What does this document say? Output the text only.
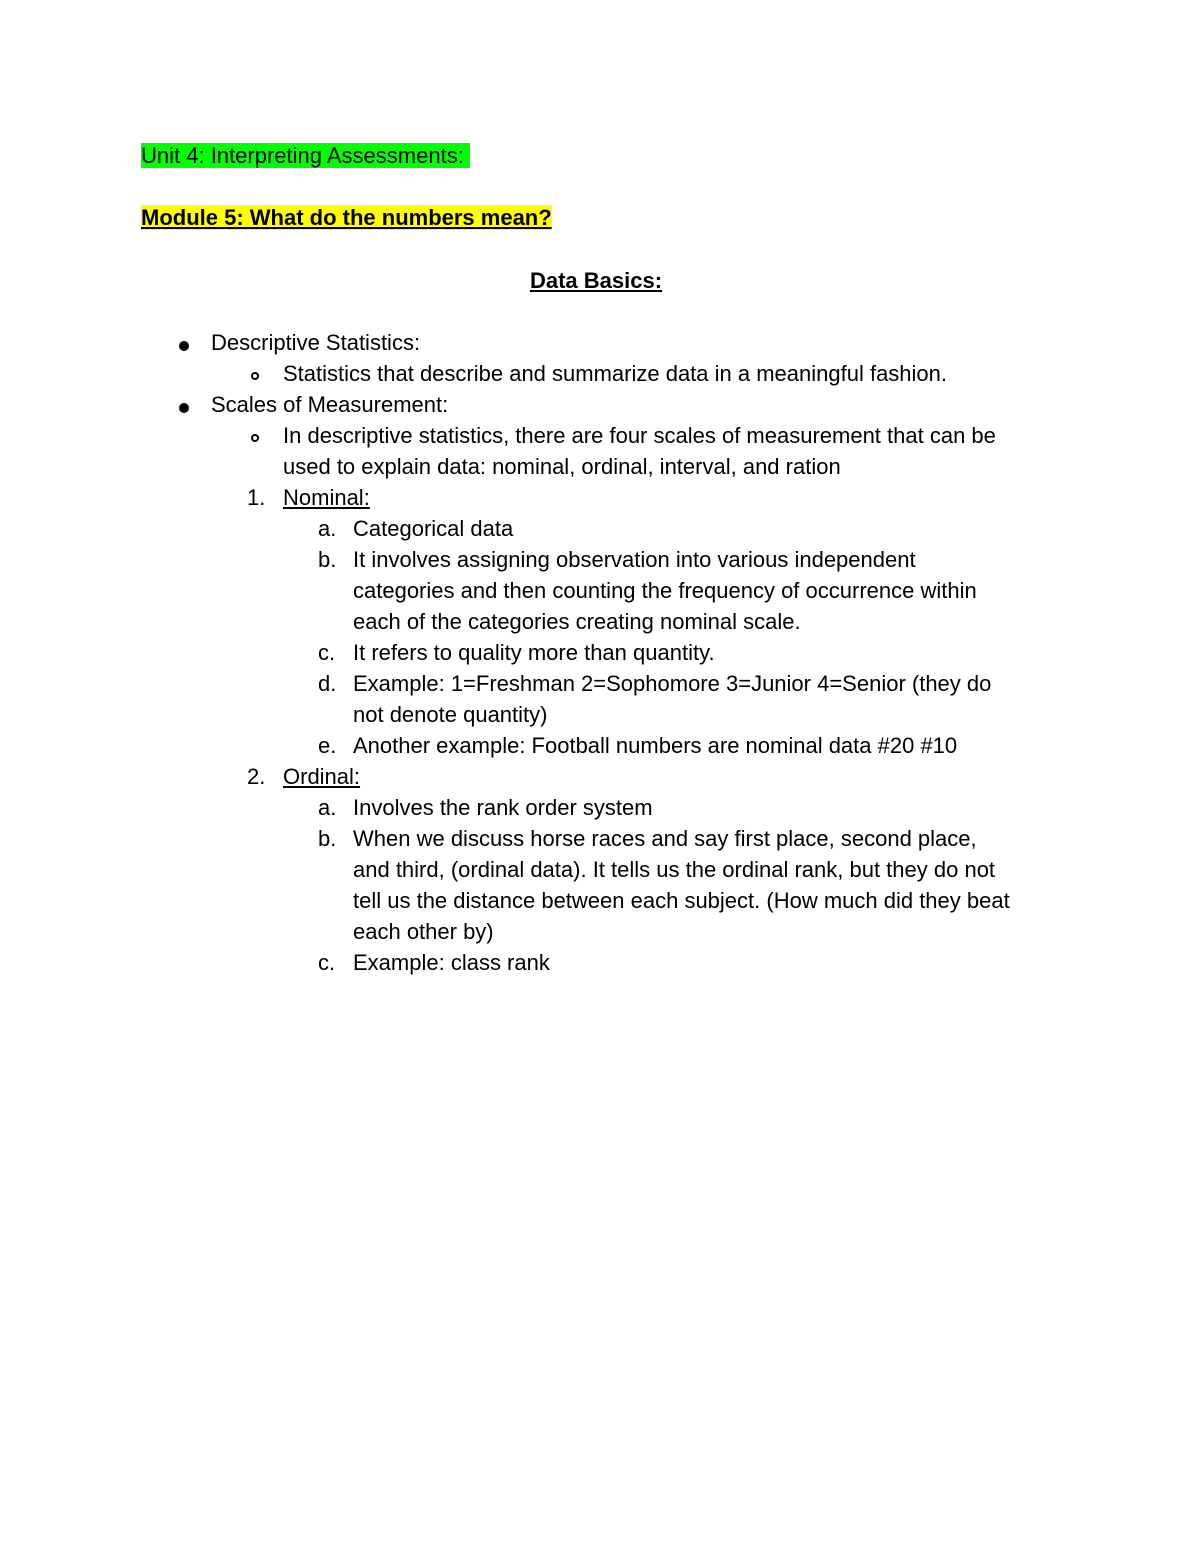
Unit 4: Interpreting Assessments:
Module 5: What do the numbers mean?
Data Basics:
Descriptive Statistics:
Statistics that describe and summarize data in a meaningful fashion.
Scales of Measurement:
In descriptive statistics, there are four scales of measurement that can be
used to explain data: nominal, ordinal, interval, and ration
1. Nominal:
a. Categorical data
b. It involves assigning observation into various independent
categories and then counting the frequency of occurrence within
each of the categories creating nominal scale.
c. It refers to quality more than quantity.
d. Example: 1=Freshman 2=Sophomore 3=Junior 4=Senior (they do
not denote quantity)
e. Another example: Football numbers are nominal data #20 #10
2. Ordinal:
a. Involves the rank order system
b. When we discuss horse races and say first place, second place,
and third, (ordinal data). It tells us the ordinal rank, but they do not
tell us the distance between each subject. (How much did they beat
each other by)
c. Example: class rank
